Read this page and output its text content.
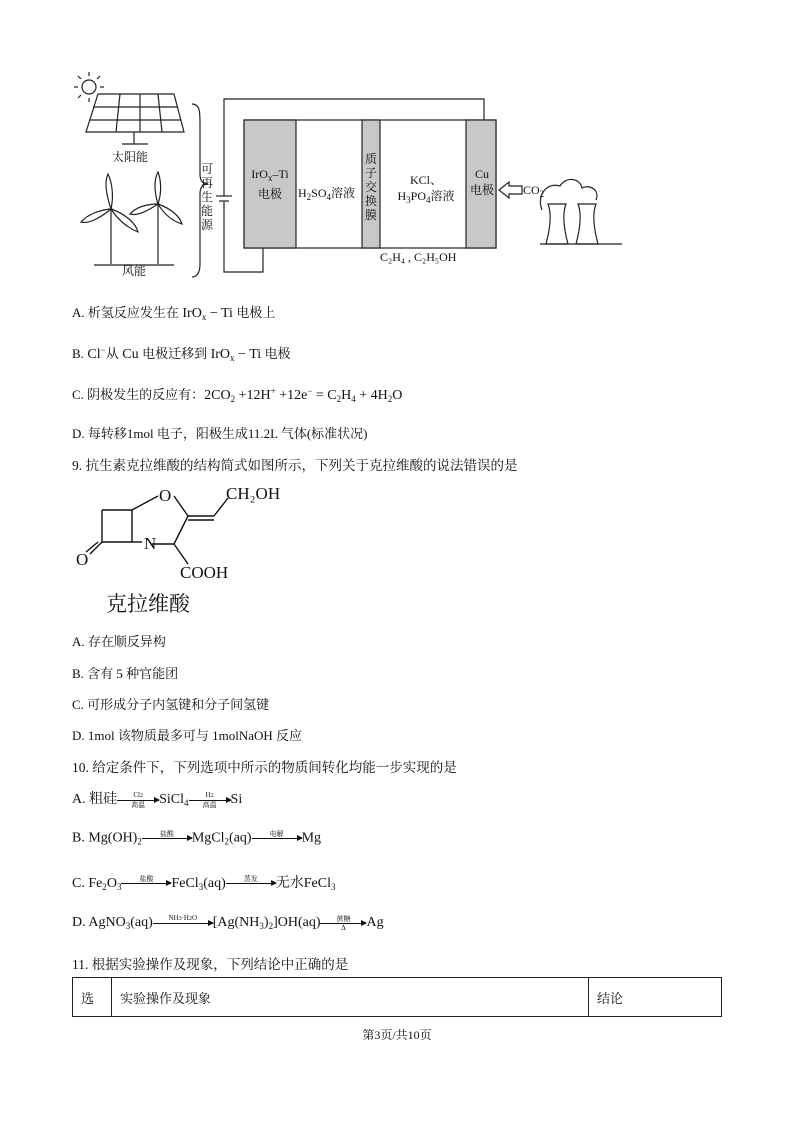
太阳能
风能
可
再
生
能
源
IrO$_x$–Ti
电极	$H_2SO_4$溶液
质
子
交
换
膜
KCl、
$H_3PO_4$溶液
Cu
电极 $CO_2$
C₂H₄ , C₂H₅OH
A. 析氢反应发生在 IrO$_x$ − Ti 电极上
B. Cl−从 Cu 电极迁移到 IrO$_x$ − Ti 电极
C. 阴极发生的反应有：$2CO_2 +12H^+ +12e^- = C_2H_4 + 4H_2O$
D. 每转移1mol 电子，阳极生成11.2L 气体(标准状况)
9. 抗生素克拉维酸的结构简式如图所示，下列关于克拉维酸的说法错误的是
CH₂OH
O
N
O
COOH
克拉维酸
A. 存在顺反异构
B. 含有 5 种官能团
C. 可形成分子内氢键和分子间氢键
D. 1mol 该物质最多可与 1molNaOH 反应
10. 给定条件下，下列选项中所示的物质间转化均能一步实现的是
A. 粗硅	Cl2
高温	SiCl$_4$
H2
高温	Si
B. $Mg(OH)_2$
盐酸
	MgCl$_2$(aq)	电解
	Mg
C. $Fe_2O_3$
盐酸
	FeCl$_3$(aq)	蒸发
	无水FeCl$_3$
D. AgNO$_3$(aq)	NH3·H2O
	$[Ag(NH_3)_2]OH(aq)$	蔗糖
Δ	Ag
11. 根据实验操作及现象，下列结论中正确的是
选	实验操作及现象	结论
第3页/共10页
